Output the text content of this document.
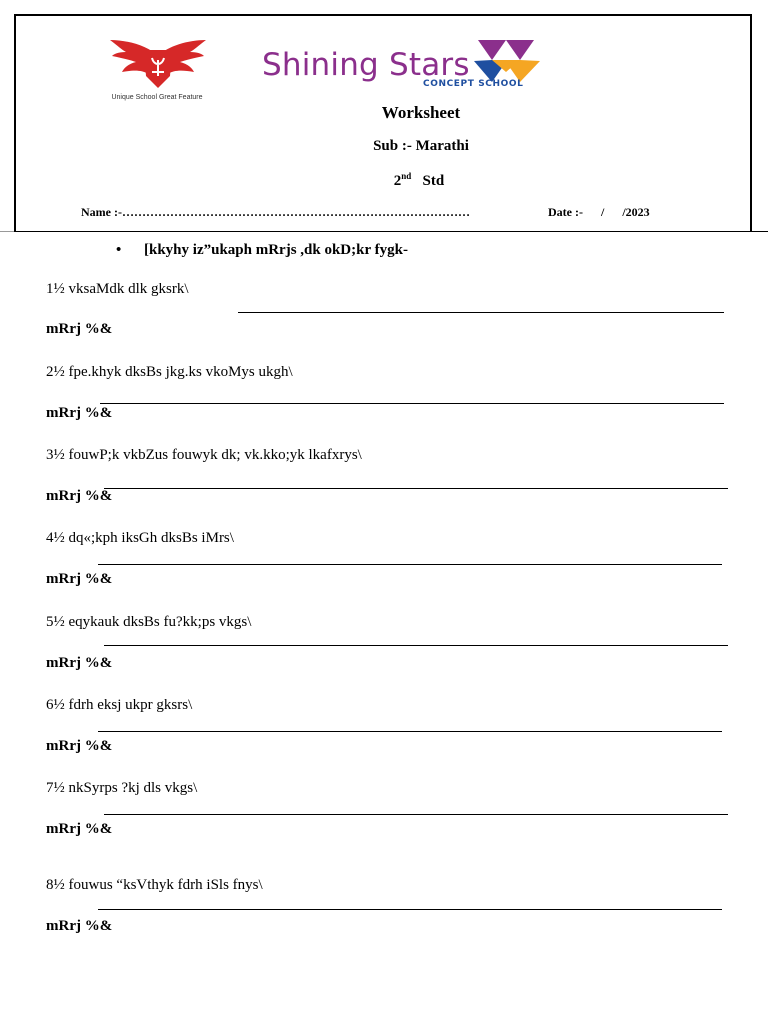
Unique School Great Feature
Shining Stars
CONCEPT SCHOOL
Worksheet
Sub :- Marathi
2nd Std
Name :-……………………………………………………………………………	Date :-      /      /2023
• [kkyhy iz”ukaph mRrjs ,dk okD;kr fygk-
1½ vksaMdk dlk gksrk\
mRrj %&
2½ fpe.khyk dksBs jkg.ks vkoMys ukgh\
mRrj %&
3½ fouwP;k vkbZus fouwyk dk; vk.kko;yk lkafxrys\
mRrj %&
4½ dq«;kph iksGh dksBs iMrs\
mRrj %&
5½ eqykauk dksBs fu?kk;ps vkgs\
mRrj %&
6½ fdrh eksj ukpr gksrs\
mRrj %&
7½ nkSyrps ?kj dls vkgs\
mRrj %&
8½ fouwus “ksVthyk fdrh iSls fnys\
mRrj %&
